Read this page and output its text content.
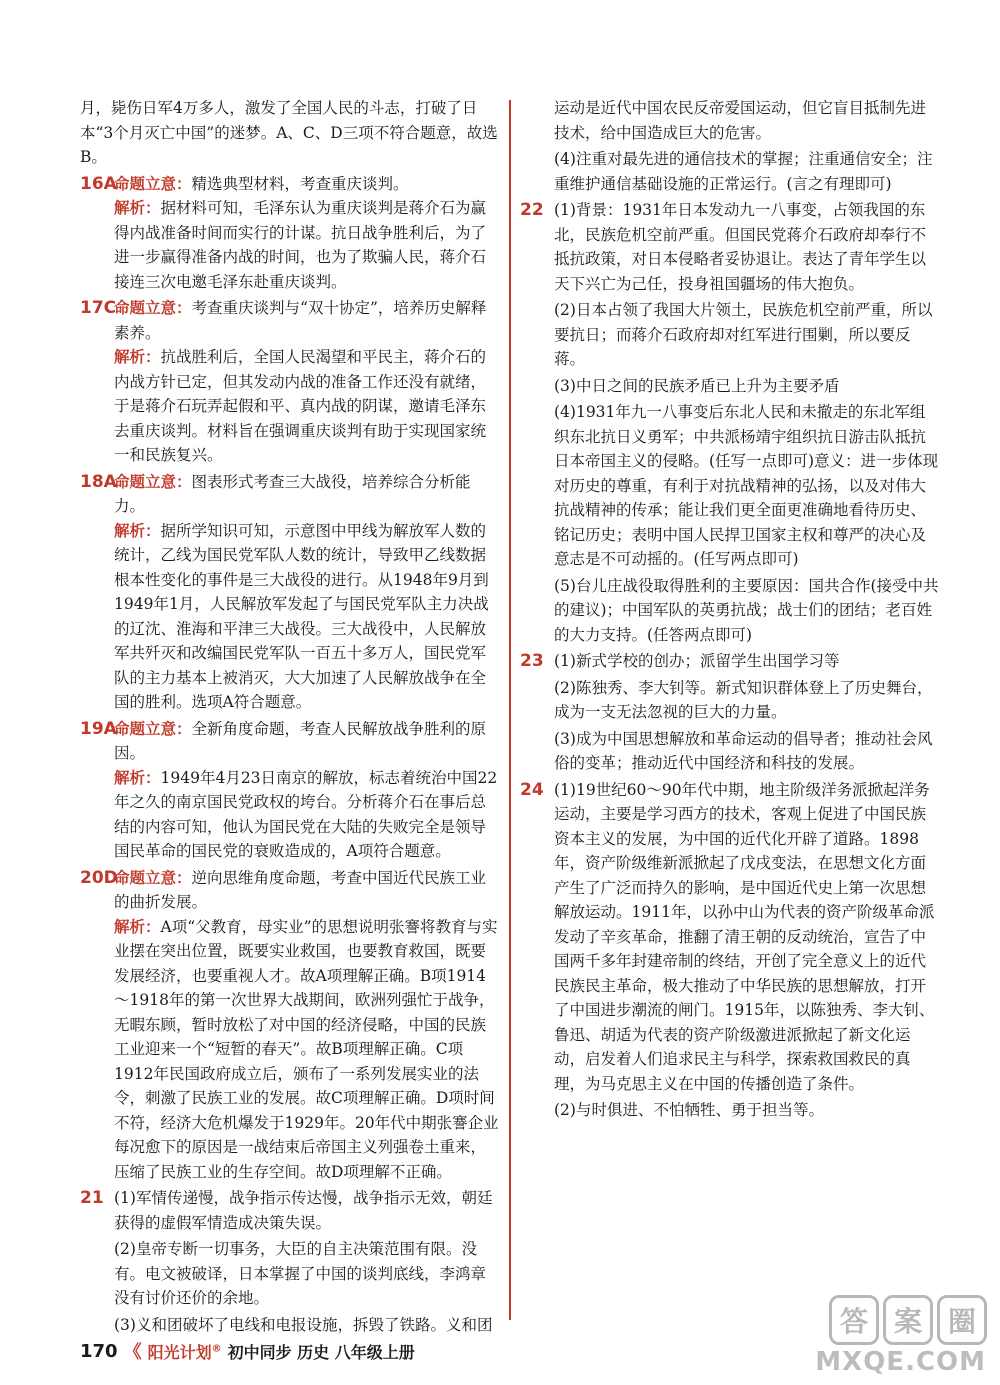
月，毙伤日军4万多人，激发了全国人民的斗志，打破了日本“3个月灭亡中国”的迷梦。A、C、D三项不符合题意，故选B。

16A

命题立意：精选典型材料，考查重庆谈判。

解析：据材料可知，毛泽东认为重庆谈判是蒋介石为赢得内战准备时间而实行的计谋。抗日战争胜利后，为了进一步赢得准备内战的时间，也为了欺骗人民，蒋介石接连三次电邀毛泽东赴重庆谈判。

17C

命题立意：考查重庆谈判与“双十协定”，培养历史解释素养。

解析：抗战胜利后，全国人民渴望和平民主，蒋介石的内战方针已定，但其发动内战的准备工作还没有就绪，于是蒋介石玩弄起假和平、真内战的阴谋，邀请毛泽东去重庆谈判。材料旨在强调重庆谈判有助于实现国家统一和民族复兴。

18A

命题立意：图表形式考查三大战役，培养综合分析能力。

解析：据所学知识可知，示意图中甲线为解放军人数的统计，乙线为国民党军队人数的统计，导致甲乙线数据根本性变化的事件是三大战役的进行。从1948年9月到1949年1月，人民解放军发起了与国民党军队主力决战的辽沈、淮海和平津三大战役。三大战役中，人民解放军共歼灭和改编国民党军队一百五十多万人，国民党军队的主力基本上被消灭，大大加速了人民解放战争在全国的胜利。选项A符合题意。

19A

命题立意：全新角度命题，考查人民解放战争胜利的原因。

解析：1949年4月23日南京的解放，标志着统治中国22年之久的南京国民党政权的垮台。分析蒋介石在事后总结的内容可知，他认为国民党在大陆的失败完全是领导国民革命的国民党的衰败造成的，A项符合题意。

20D

命题立意：逆向思维角度命题，考查中国近代民族工业的曲折发展。

解析：A项“父教育，母实业”的思想说明张謇将教育与实业摆在突出位置，既要实业救国，也要教育救国，既要发展经济，也要重视人才。故A项理解正确。B项1914～1918年的第一次世界大战期间，欧洲列强忙于战争，无暇东顾，暂时放松了对中国的经济侵略，中国的民族工业迎来一个“短暂的春天”。故B项理解正确。C项1912年民国政府成立后，颁布了一系列发展实业的法令，刺激了民族工业的发展。故C项理解正确。D项时间不符，经济大危机爆发于1929年。20年代中期张謇企业每况愈下的原因是一战结束后帝国主义列强卷土重来，压缩了民族工业的生存空间。故D项理解不正确。

21 (1)军情传递慢，战争指示传达慢，战争指示无效，朝廷获得的虚假军情造成决策失误。

(2)皇帝专断一切事务，大臣的自主决策范围有限。没有。电文被破译，日本掌握了中国的谈判底线，李鸿章没有讨价还价的余地。

(3)义和团破坏了电线和电报设施，拆毁了铁路。义和团

运动是近代中国农民反帝爱国运动，但它盲目抵制先进技术，给中国造成巨大的危害。

(4)注重对最先进的通信技术的掌握；注重通信安全；注重维护通信基础设施的正常运行。(言之有理即可)

22 (1)背景：1931年日本发动九一八事变，占领我国的东北，民族危机空前严重。但国民党蒋介石政府却奉行不抵抗政策，对日本侵略者妥协退让。表达了青年学生以天下兴亡为己任，投身祖国疆场的伟大抱负。

(2)日本占领了我国大片领土，民族危机空前严重，所以要抗日；而蒋介石政府却对红军进行围剿，所以要反蒋。

(3)中日之间的民族矛盾已上升为主要矛盾

(4)1931年九一八事变后东北人民和未撤走的东北军组织东北抗日义勇军；中共派杨靖宇组织抗日游击队抵抗日本帝国主义的侵略。(任写一点即可)意义：进一步体现对历史的尊重，有利于对抗战精神的弘扬，以及对伟大抗战精神的传承；能让我们更全面更准确地看待历史、铭记历史；表明中国人民捍卫国家主权和尊严的决心及意志是不可动摇的。(任写两点即可)

(5)台儿庄战役取得胜利的主要原因：国共合作(接受中共的建议)；中国军队的英勇抗战；战士们的团结；老百姓的大力支持。(任答两点即可)

23 (1)新式学校的创办；派留学生出国学习等

(2)陈独秀、李大钊等。新式知识群体登上了历史舞台，成为一支无法忽视的巨大的力量。

(3)成为中国思想解放和革命运动的倡导者；推动社会风俗的变革；推动近代中国经济和科技的发展。

24 (1)19世纪60～90年代中期，地主阶级洋务派掀起洋务运动，主要是学习西方的技术，客观上促进了中国民族资本主义的发展，为中国的近代化开辟了道路。1898年，资产阶级维新派掀起了戊戌变法，在思想文化方面产生了广泛而持久的影响，是中国近代史上第一次思想解放运动。1911年，以孙中山为代表的资产阶级革命派发动了辛亥革命，推翻了清王朝的反动统治，宣告了中国两千多年封建帝制的终结，开创了完全意义上的近代民族民主革命，极大推动了中华民族的思想解放，打开了中国进步潮流的闸门。1915年，以陈独秀、李大钊、鲁迅、胡适为代表的资产阶级激进派掀起了新文化运动，启发着人们追求民主与科学，探索救国救民的真理，为马克思主义在中国的传播创造了条件。

(2)与时俱进、不怕牺牲、勇于担当等。

170 《 阳光计划® 初中同步 历史 八年级上册
答 案 圈
MXQE.COM
